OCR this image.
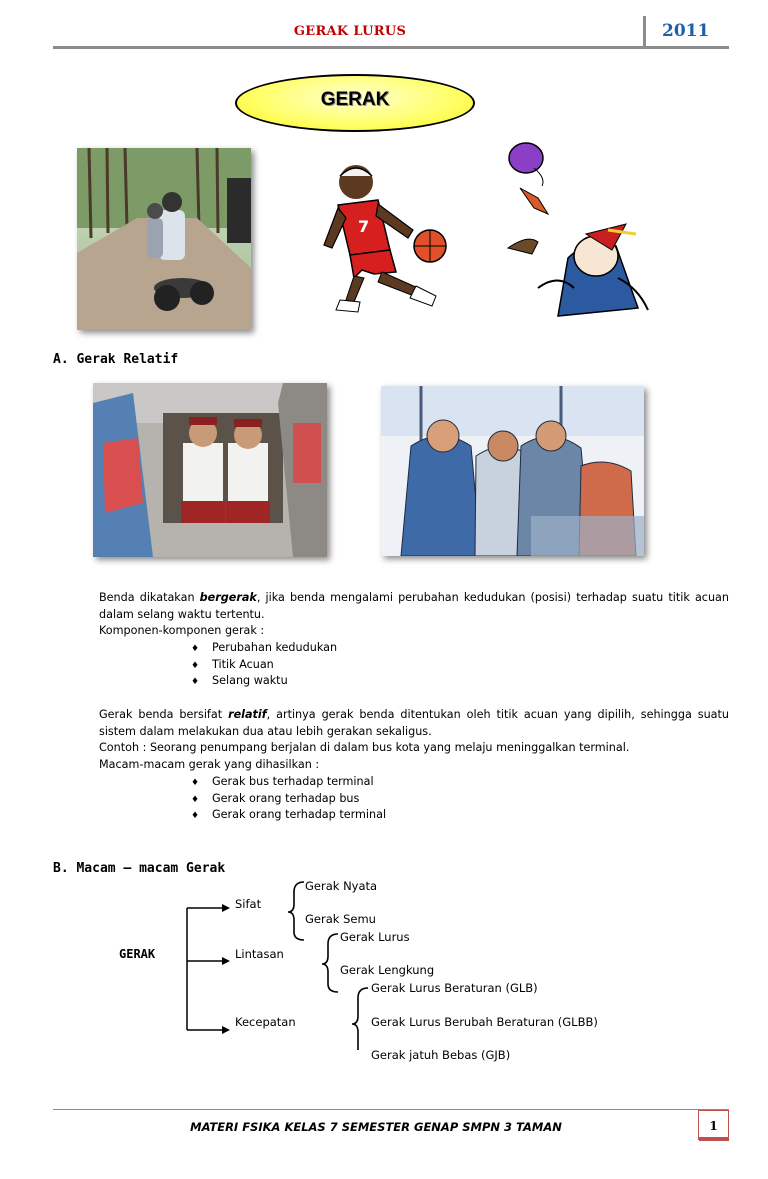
GERAK LURUS	2011
GERAK
7
A. Gerak Relatif
Benda dikatakan bergerak, jika benda mengalami perubahan kedudukan (posisi) terhadap suatu titik acuan dalam selang waktu tertentu.
Komponen-komponen gerak :
♦ Perubahan kedudukan
♦ Titik Acuan
♦ Selang waktu
Gerak benda bersifat relatif, artinya gerak benda ditentukan oleh titik acuan yang dipilih, sehingga suatu sistem dalam melakukan dua atau lebih gerakan sekaligus.
Contoh : Seorang penumpang berjalan di dalam bus kota yang melaju meninggalkan terminal.
Macam-macam gerak yang dihasilkan :
♦ Gerak bus terhadap terminal
♦ Gerak orang terhadap bus
♦ Gerak orang terhadap terminal
B. Macam – macam Gerak
GERAK
Sifat
Gerak Nyata
Gerak Semu
Lintasan
Gerak Lurus
Gerak Lengkung
Kecepatan
Gerak Lurus Beraturan (GLB)
Gerak Lurus Berubah Beraturan (GLBB)
Gerak jatuh Bebas (GJB)
MATERI FSIKA KELAS 7 SEMESTER GENAP SMPN 3 TAMAN	1
